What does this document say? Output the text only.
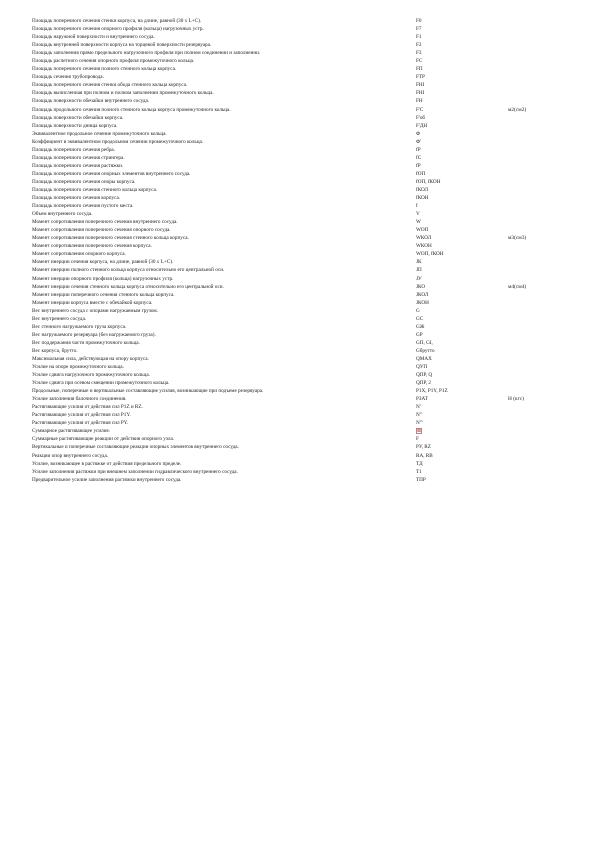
Площадь поперечного сечения стенки корпуса, на длине, равной (30 x L+C).	F0
Площадь поперечного сечения опорного профиля (кольца) нагрузочных устр.	F7
Площадь наружной поверхности и внутреннего сосуда.	F1
Площадь внутренней поверхности корпуса на торцевой поверхности резервуара.	F2
Площадь заполнения прямо предельного нагрузочного профиля при полном соединении и заполнении.	F3
Площадь расчетного сечения опорного профиля промежуточного кольца.	FC
Площадь поперечного сечения полного стенного кольца корпуса.	FП
Площадь сечения трубопровода.	FТР
Площадь поперечного сечения стенки обода стенного кольца корпуса.	FНI
Площадь вычисленная при полном и полном заполнении промежуточного кольца.	FНI
Площадь поверхности обечайки внутреннего сосуда.	FН
Площадь продольного сечения полного стенного кольца корпуса промежуточного кольца.	F'C	м2(см2)
Площадь поверхности обечайки корпуса.	F'об
Площадь поверхности днища корпуса.	F'ДН
Эквивалентное продольное сечение промежуточного кольца.	Ф
Коэффициент в эквивалентном продольном сечении промежуточного кольца.	Ф'
Площадь поперечного сечения ребра.	fР
Площадь поперечного сечения стрингера.	fC
Площадь поперечного сечения растяжки.	fР
Площадь поперечного сечения опорных элементов внутреннего сосуда.	fОП
Площадь поперечного сечения опоры корпуса.	fОП, fКОН
Площадь поперечного сечения стенного кольца корпуса.	fКОЛ
Площадь поперечного сечения корпуса.	fКОН
Площадь поперечного сечения пустого места.	f
Объем внутреннего сосуда.	V
Момент сопротивления поперечного сечения внутреннего сосуда.	W
Момент сопротивления поперечного сечения опорного сосуда.	WОП
Момент сопротивления поперечного сечения стенного кольца корпуса.	WКОЛ	м3(см3)
Момент сопротивления поперечного сечения корпуса.	WКОН
Момент сопротивления опорного корпуса.	WОП, fКОН
Момент инерции сечения корпуса, на длине, равной (30 x L+C).	JК
Момент инерции полного стенного кольца корпуса относительно его центральной оси.	JП
Момент инерции опорного профиля (кольца) нагрузочных устр.	JУ
Момент инерции сечения стенного кольца корпуса относительно его центральной оси.	JКО	м4(см4)
Момент инерции поперечного сечения стенного кольца корпуса.	JКОЛ
Момент инерции корпуса вместе с обечайкой корпуса.	JКОН
Вес внутреннего сосуда с опорами нагружаемым грузом.	G
Вес внутреннего сосуда.	GC
Вес стенного нагружаемого груза корпуса.	GЖ
Вес нагружаемого резервуара (без нагружаемого груза).	GР
Вес поддержания части промежуточного кольца.	GП, GI,
Вес корпуса, брутто.	Gбрутто
Максимальная сила, действующая на опору корпуса.	QMAX
Усилие на опоре промежуточного кольца.	QУП
Усилие сдвига нагрузочного промежуточного кольца.	QПР, Q
Усилие сдвига при осевом смещении промежуточного кольца.	QПР, 2
Продольные, поперечные и вертикальные составляющие усилия, возникающие при подъеме резервуара.	P1X, P1Y, P1Z
Усилие заполнения балочного соединения.	PЗАТ	Н (кгс)
Растягивающие усилия от действия сил P1Z и RZ.	N'
Растягивающие усилия от действия сил P1Y.	N''
Растягивающие усилия от действия сил PY.	N'''
Суммарное растягивающее усилие.	⊠
Суммарные растягивающие реакции от действия опорного узла.	F
Вертикальные и поперечные составляющие реакции опорных элементов внутреннего сосуда.	PУ, RZ
Реакции опор внутреннего сосуда.	RА, RВ
Усилие, возникающее в растяжке от действия предельного пределе.	TД
Усилие заполнения растяжки при внешнем заполнении гидравлического внутреннего сосуда.	T1
Предварительное усилие заполнения растяжки внутреннего сосуда.	TПР
